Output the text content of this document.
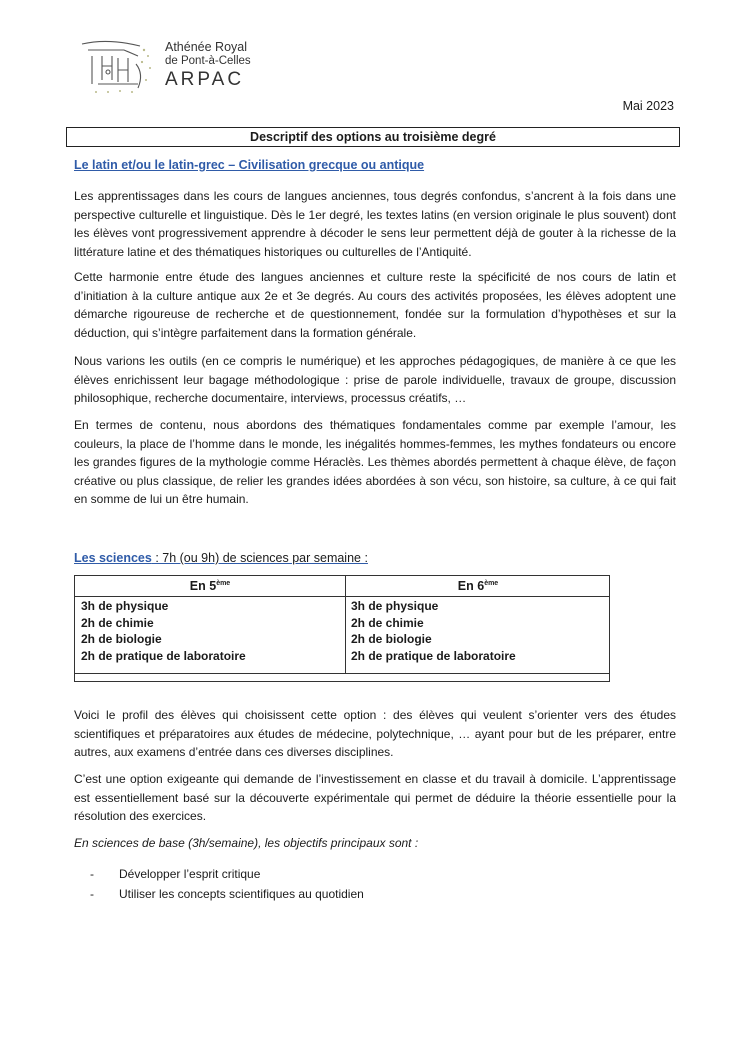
Athénée Royal
de Pont-à-Celles
ARPAC
Mai 2023
Descriptif des options au troisième degré
Le latin et/ou le latin-grec – Civilisation grecque ou antique

Les apprentissages dans les cours de langues anciennes, tous degrés confondus, s’ancrent à la fois dans une perspective culturelle et linguistique. Dès le 1er degré, les textes latins (en version originale le plus souvent) dont les élèves vont progressivement apprendre à décoder le sens leur permettent déjà de gouter à la richesse de la littérature latine et des thématiques historiques ou culturelles de l’Antiquité.

Cette harmonie entre étude des langues anciennes et culture reste la spécificité de nos cours de latin et d’initiation à la culture antique aux 2e et 3e degrés. Au cours des activités proposées, les élèves adoptent une démarche rigoureuse de recherche et de questionnement, fondée sur la formulation d’hypothèses et sur la déduction, qui s’intègre parfaitement dans la formation générale.

Nous varions les outils (en ce compris le numérique) et les approches pédagogiques, de manière à ce que les élèves enrichissent leur bagage méthodologique : prise de parole individuelle, travaux de groupe, discussion philosophique, recherche documentaire, interviews, processus créatifs, …

En termes de contenu, nous abordons des thématiques fondamentales comme par exemple l’amour, les couleurs, la place de l’homme dans le monde, les inégalités hommes-femmes, les mythes fondateurs ou encore les grandes figures de la mythologie comme Héraclès. Les thèmes abordés permettent à chaque élève, de façon créative ou plus classique, de relier les grandes idées abordées à son vécu, son histoire, sa culture, à ce qui fait en somme de lui un être humain.

Les sciences : 7h (ou 9h) de sciences par semaine :
En 5ème	En 6ème
3h de physique
2h de chimie
2h de biologie
2h de pratique de laboratoire
3h de physique
2h de chimie
2h de biologie
2h de pratique de laboratoire

Voici le profil des élèves qui choisissent cette option : des élèves qui veulent s’orienter vers des études scientifiques et préparatoires aux études de médecine, polytechnique, … ayant pour but de les préparer, entre autres, aux examens d’entrée dans ces diverses disciplines.

C’est une option exigeante qui demande de l’investissement en classe et du travail à domicile. L’apprentissage est essentiellement basé sur la découverte expérimentale qui permet de déduire la théorie essentielle pour la résolution des exercices.

En sciences de base (3h/semaine), les objectifs principaux sont :

- Développer l’esprit critique
- Utiliser les concepts scientifiques au quotidien
